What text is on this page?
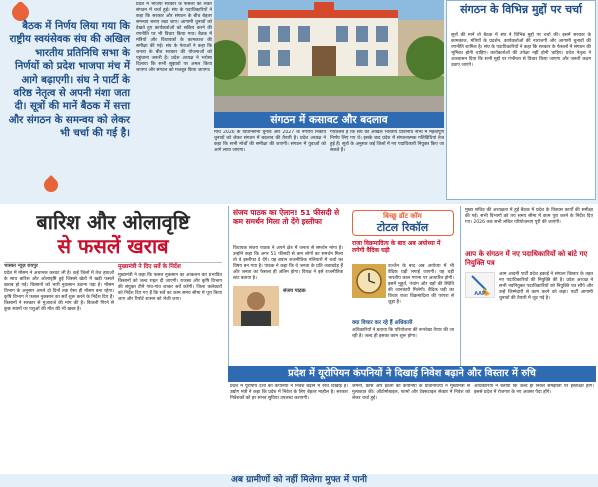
बैठक में निर्णय लिया गया कि राष्ट्रीय स्वयंसेवक संघ की अखिल भारतीय प्रतिनिधि सभा के निर्णयों को प्रदेश भाजपा मंच में आगे बढ़ाएगी। संघ ने पार्टी के वरिष्ठ नेतृत्व से अपनी मंशा जता दी। सूत्रों की मानें बैठक में सत्ता और संगठन के समन्वय को लेकर भी चर्चा की गई है।
प्रदेश में भाजपा सरकार के फैसलों को लेकर संगठन में चर्चा हुई। संघ के पदाधिकारियों ने कहा कि सरकार और संगठन के बीच बेहतर समन्वय बनाए रखा जाए। आगामी चुनावों को देखते हुए कार्यकर्ताओं को सक्रिय करने की रणनीति पर भी विचार किया गया। बैठक में मंत्रियों और विधायकों के कामकाज की समीक्षा की गई। संघ के नेताओं ने कहा कि जनता के बीच सरकार की योजनाओं को पहुंचाना जरूरी है। प्रदेश अध्यक्ष ने भरोसा दिलाया कि सभी सुझावों पर अमल किया जाएगा और संगठन को मजबूत किया जाएगा।
संगठन में कसावट और बदलाव
मार्च 2026 के विधानसभा चुनाव और 2027 के नगरीय निकाय चुनावों को लेकर संगठन में बदलाव की तैयारी है। प्रदेश अध्यक्ष ने कहा कि सभी मोर्चों की समीक्षा की जाएगी। संगठन में युवाओं को आगे लाया जाएगा।
गौरतलब है कि संघ की अखिल भारतीय प्रतिनिधि सभा में महत्वपूर्ण निर्णय लिए गए थे। इसके बाद प्रदेश में संगठनात्मक गतिविधियां तेज हुई हैं। सूत्रों के अनुसार कई जिलों में नए पदाधिकारी नियुक्त किए जा सकते हैं।
संगठन के विभिन्न मुद्दों पर चर्चा
सूत्रों की मानें तो बैठक में संघ ने विभिन्न मुद्दों पर चर्चा की। इसमें सरकार के कामकाज, मंत्रियों के प्रदर्शन, कार्यकर्ताओं की नाराजगी और आगामी चुनावों की रणनीति शामिल है। संघ के पदाधिकारियों ने कहा कि सरकार के फैसलों में संगठन की भूमिका होनी चाहिए। कार्यकर्ताओं की उपेक्षा नहीं होनी चाहिए। प्रदेश नेतृत्व ने आश्वासन दिया कि सभी मुद्दों पर गंभीरता से विचार किया जाएगा और जरूरी कदम उठाए जाएंगे।
बारिश और ओलावृष्टि
से फसलें खराब
भास्कर न्यूज़ रायपुर
प्रदेश में मौसम ने अचानक करवट ली है। कई जिलों में तेज हवाओं के साथ बारिश और ओलावृष्टि हुई जिससे खेतों में खड़ी फसलें खराब हो गईं। किसानों को भारी नुकसान उठाना पड़ा है। मौसम विभाग के अनुसार अगले दो दिनों तक ऐसा ही मौसम बना रहेगा। कृषि विभाग ने फसल नुकसान का सर्वे शुरू करने के निर्देश दिए हैं। किसानों ने सरकार से मुआवजे की मांग की है। बिजली गिरने से कुछ स्थानों पर पशुओं की मौत की भी खबर है।
मुख्यमंत्री ने दिए सर्वे के निर्देश
मुख्यमंत्री ने कहा कि फसल नुकसान का आकलन कर प्रभावित किसानों को जल्द राहत दी जाएगी। राजस्व और कृषि विभाग की संयुक्त टीमें गांव-गांव जाकर सर्वे करेंगी। जिला कलेक्टरों को निर्देश दिए गए हैं कि सर्वे का काम समय सीमा में पूरा किया जाए और रिपोर्ट शासन को भेजी जाए।
संजय पाठक का ऐलान! 51 फीसदी से कम समर्थन मिला तो देंगे इस्तीफा
विधायक संजय पाठक ने अपने क्षेत्र में जनता से समर्थन मांगा है। उन्होंने कहा कि अगर 51 फीसदी से कम लोगों का समर्थन मिला तो वे इस्तीफा दे देंगे। यह बयान राजनीतिक गलियारों में चर्चा का विषय बन गया है। पाठक ने कहा कि वे जनता के प्रति जवाबदेह हैं और जनता का फैसला ही अंतिम होगा। विपक्ष ने इसे राजनीतिक स्टंट बताया है।
संजय पाठक
बिच्छू डॉट कॉम
टोटल रिकॉल
राजा विक्रमादित्य के बाद अब अयोध्या में लगेगी वैदिक घड़ी
उज्जैन के बाद अब अयोध्या में भी वैदिक घड़ी लगाई जाएगी। यह घड़ी भारतीय काल गणना पर आधारित होगी। इसमें मुहूर्त, पंचांग और ग्रहों की स्थिति की जानकारी मिलेगी। वैदिक घड़ी का विचार राजा विक्रमादित्य की परंपरा से जुड़ा है।
क्या विचार कर रहे हैं अधिकारी
अधिकारियों ने बताया कि परियोजना की रूपरेखा तैयार की जा रही है। जल्द ही इसका काम शुरू होगा।
मुख्य सचिव की अध्यक्षता में हुई बैठक में प्रदेश के विकास कार्यों की समीक्षा की गई। सभी विभागों को तय समय सीमा में काम पूरा करने के निर्देश दिए गए। 2026 तक सभी लंबित परियोजनाएं पूरी की जाएंगी।
आप के संगठन में नए पदाधिकारियों को बांटे गए नियुक्ति पत्र
AAP
आम आदमी पार्टी प्रदेश इकाई ने संगठन विस्तार के तहत नए पदाधिकारियों की नियुक्ति की है। प्रदेश अध्यक्ष ने सभी नवनियुक्त पदाधिकारियों को नियुक्ति पत्र सौंपे और उन्हें जिम्मेदारी से काम करने को कहा। पार्टी आगामी चुनावों की तैयारी में जुट गई है।
प्रदेश में यूरोपियन कंपनियों ने दिखाई निवेश बढ़ाने और विस्तार में रुचि
प्रदेश में यूरोपीय देशों की कंपनियों ने निवेश बढ़ाने में रुचि दिखाई है। उद्योग मंत्री ने कहा कि प्रदेश में निवेश के लिए बेहतर माहौल है। सरकार निवेशकों को हर संभव सुविधा उपलब्ध कराएगी।
जर्मनी, फ्रांस और इटली की कंपनियों के प्रतिनिधियों ने मुख्यमंत्री से मुलाकात की। ऑटोमोबाइल, फार्मा और टेक्सटाइल सेक्टर में निवेश को लेकर चर्चा हुई।
अधिकारियों ने बताया कि जल्द ही निवेश समझौतों पर हस्ताक्षर होंगे। इससे प्रदेश में रोजगार के नए अवसर पैदा होंगे।
अब ग्रामीणों को नहीं मिलेगा मुफ्त में पानी
